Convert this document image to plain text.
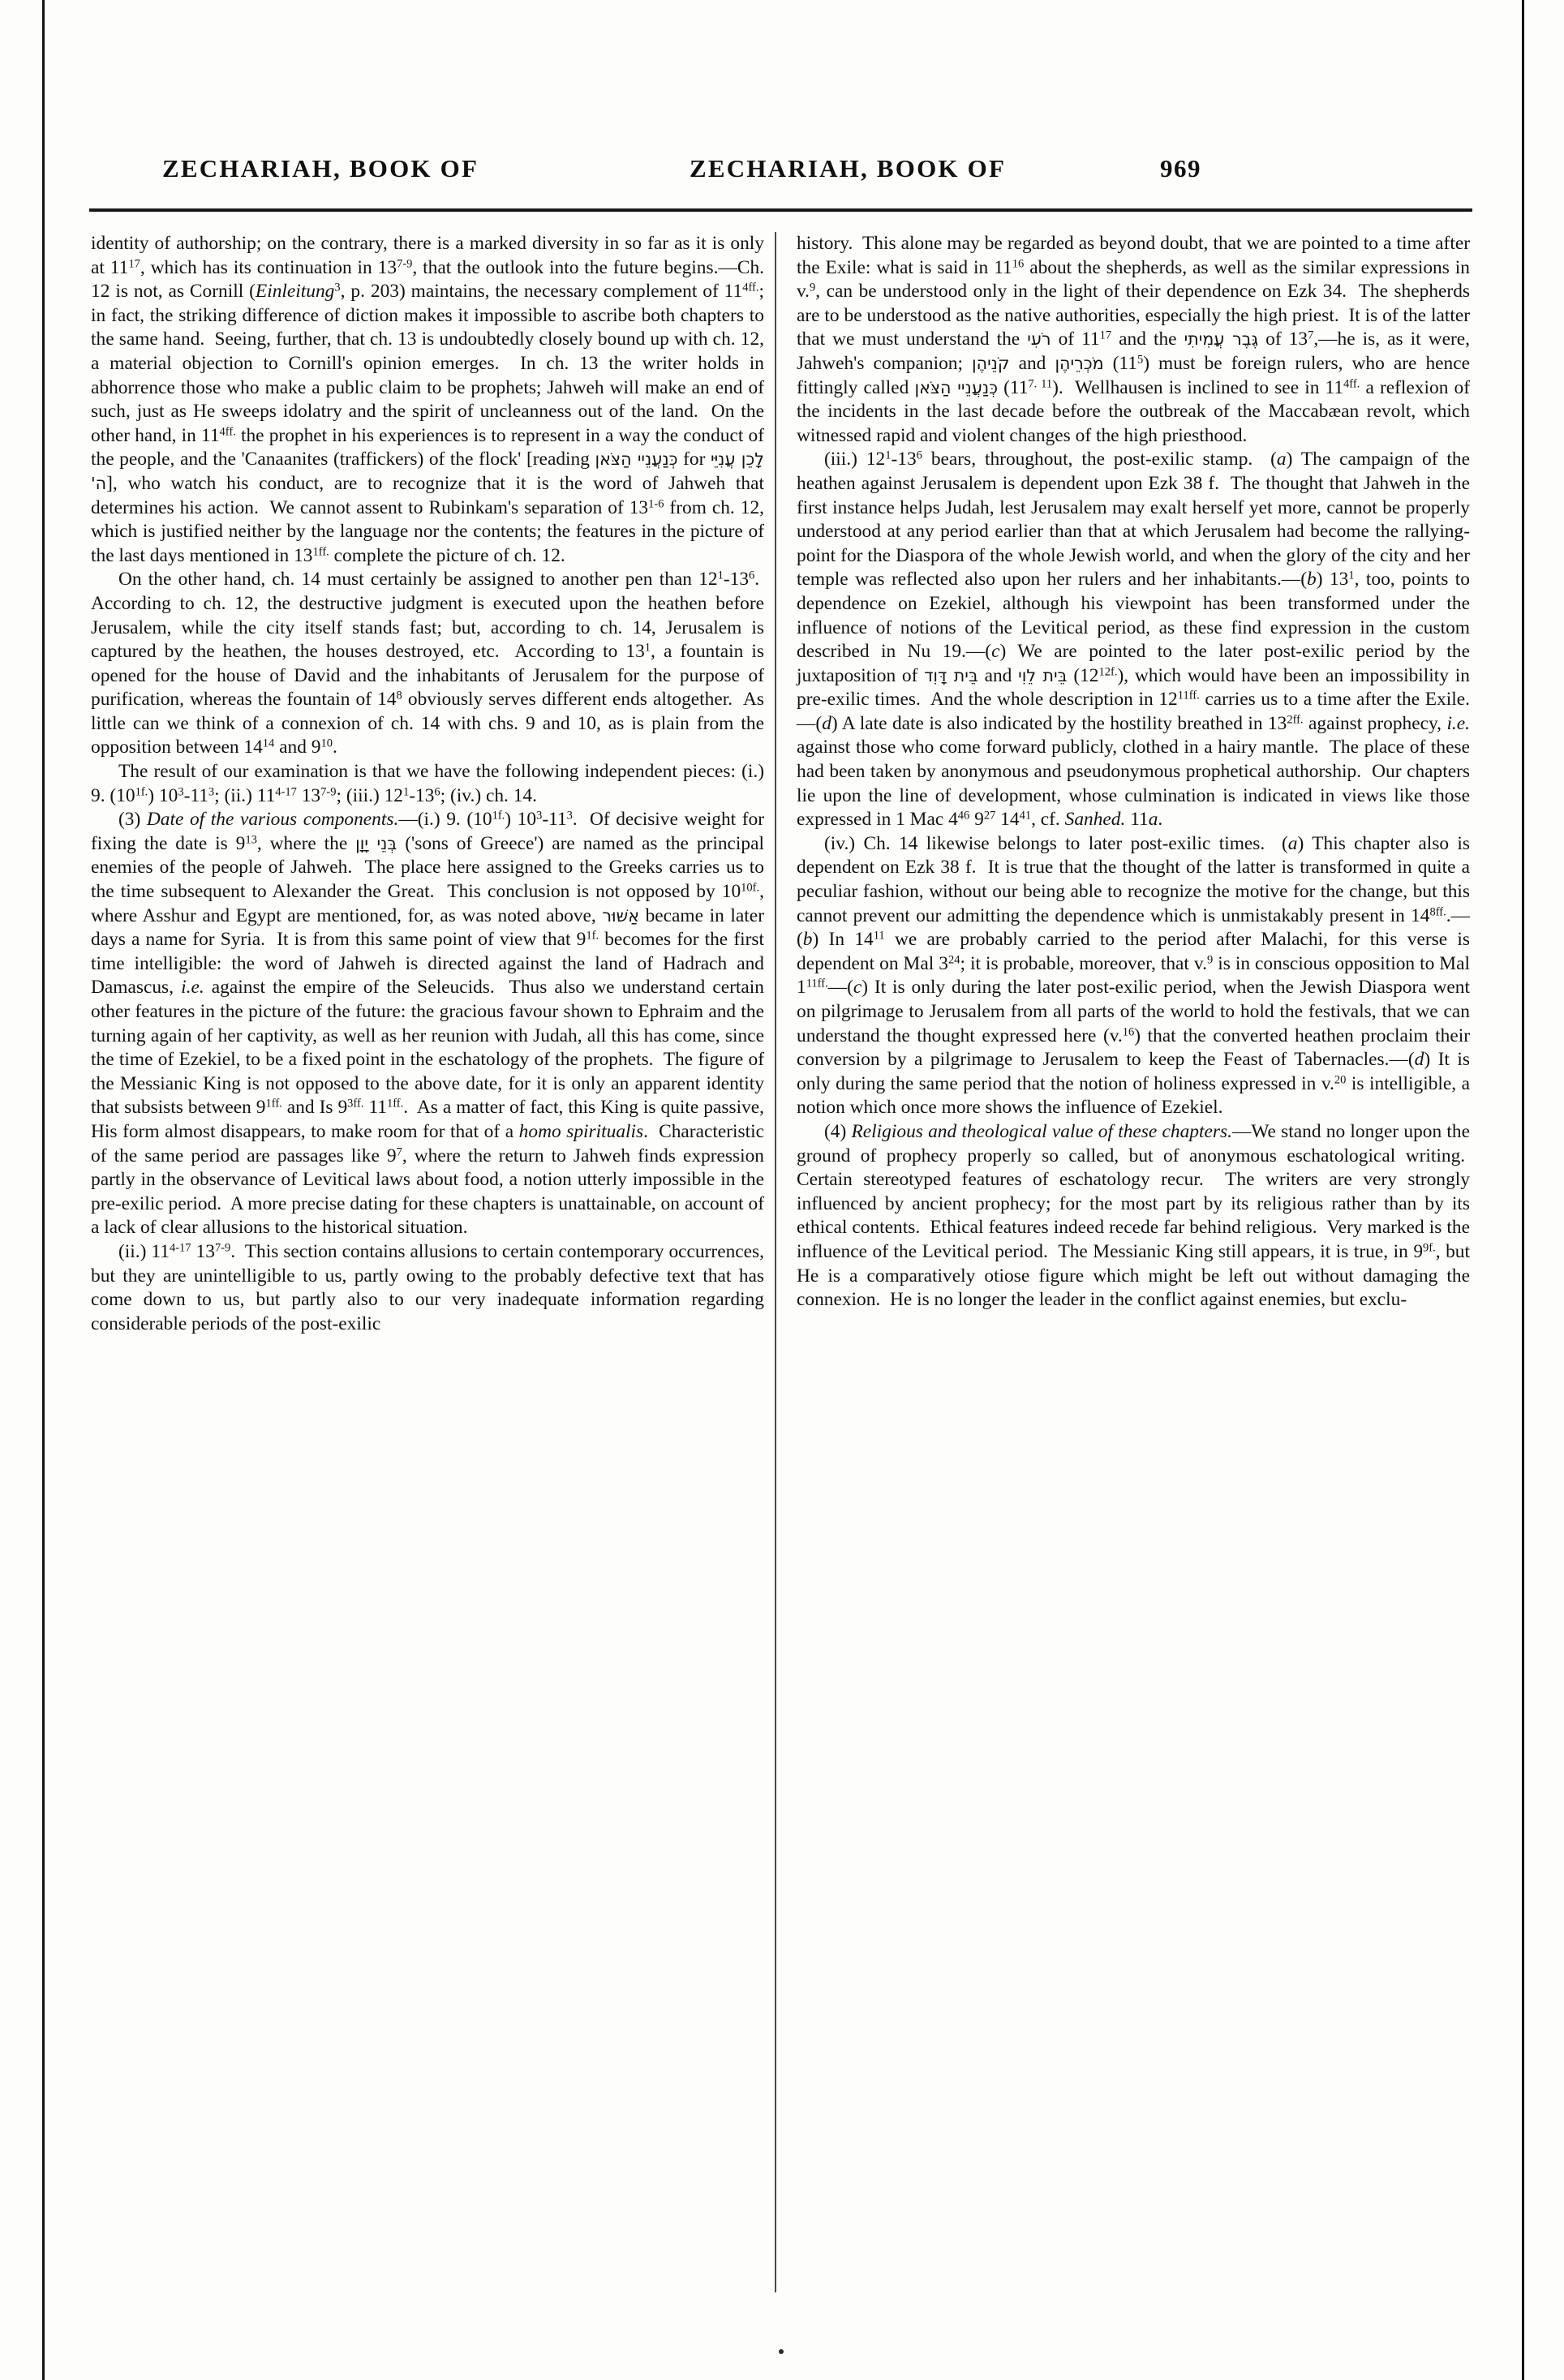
ZECHARIAH, BOOK OF	ZECHARIAH, BOOK OF	969

identity of authorship; on the contrary, there is a marked diversity in so far as it is only at $11^{17}$, which has its continuation in 13$^{7-9}$, that the outlook into the future begins.—Ch. 12 is not, as Cornill (Einleitung$^3$, p. 203) maintains, the necessary complement of $11^{4ff.}$; in fact, the striking difference of diction makes it impossible to ascribe both chapters to the same hand.  Seeing, further, that ch. 13 is undoubtedly closely bound up with ch. 12, a material objection to Cornill's opinion emerges.  In ch. 13 the writer holds in abhorrence those who make a public claim to be prophets; Jahweh will make an end of such, just as He sweeps idolatry and the spirit of uncleanness out of the land.  On the other hand, in $11^{4ff.}$ the prophet in his experiences is to represent in a way the conduct of the people, and the 'Canaanites (traffickers) of the flock' [reading כְּנַעֲנֵיי הַצֹּאן for לָכֵן עֲנִיֵּי ה'], who watch his conduct, are to recognize that it is the word of Jahweh that determines his action.  We cannot assent to Rubinkam's separation of 13$^{1-6}$ from ch. 12, which is justified neither by the language nor the contents; the features in the picture of the last days mentioned in $13^{1ff.}$ complete the picture of ch. 12.

On the other hand, ch. 14 must certainly be assigned to another pen than $12^1-13^6$.  According to ch. 12, the destructive judgment is executed upon the heathen before Jerusalem, while the city itself stands fast; but, according to ch. 14, Jerusalem is captured by the heathen, the houses destroyed, etc.  According to $13^1$, a fountain is opened for the house of David and the inhabitants of Jerusalem for the purpose of purification, whereas the fountain of $14^8$ obviously serves different ends altogether.  As little can we think of a connexion of ch. 14 with chs. 9 and 10, as is plain from the opposition between $14^{14}$ and $9^{10}$.

The result of our examination is that we have the following independent pieces: (i.) 9. $(10^{1f.})$ $10^3-11^3$; (ii.) 11$^{4-17}$ 13$^{7-9}$; (iii.) $12^1-13^6$; (iv.) ch. 14.

(3) Date of the various components.—(i.) 9. $(10^{1f.})$ $10^3-11^3$.  Of decisive weight for fixing the date is $9^{13}$, where the בְּנֵי יָוָן ('sons of Greece') are named as the principal enemies of the people of Jahweh.  The place here assigned to the Greeks carries us to the time subsequent to Alexander the Great.  This conclusion is not opposed by $10^{10f.}$, where Asshur and Egypt are mentioned, for, as was noted above, אַשּׁוּר became in later days a name for Syria.  It is from this same point of view that $9^{1f.}$ becomes for the first time intelligible: the word of Jahweh is directed against the land of Hadrach and Damascus, i.e. against the empire of the Seleucids.  Thus also we understand certain other features in the picture of the future: the gracious favour shown to Ephraim and the turning again of her captivity, as well as her reunion with Judah, all this has come, since the time of Ezekiel, to be a fixed point in the eschatology of the prophets.  The figure of the Messianic King is not opposed to the above date, for it is only an apparent identity that subsists between $9^{1ff.}$ and Is $9^{3ff.}$ $11^{1ff.}$.  As a matter of fact, this King is quite passive, His form almost disappears, to make room for that of a homo spiritualis.  Characteristic of the same period are passages like $9^7$, where the return to Jahweh finds expression partly in the observance of Levitical laws about food, a notion utterly impossible in the pre-exilic period.  A more precise dating for these chapters is unattainable, on account of a lack of clear allusions to the historical situation.

(ii.) 11$^{4-17}$ 13$^{7-9}$.  This section contains allusions to certain contemporary occurrences, but they are unintelligible to us, partly owing to the probably defective text that has come down to us, but partly also to our very inadequate information regarding considerable periods of the post-exilic

history.  This alone may be regarded as beyond doubt, that we are pointed to a time after the Exile: what is said in $11^{16}$ about the shepherds, as well as the similar expressions in v.$^9$, can be understood only in the light of their dependence on Ezk 34.  The shepherds are to be understood as the native authorities, especially the high priest.  It is of the latter that we must understand the רֹעִי of $11^{17}$ and the גֶּבֶר עֲמִיתִי of $13^7,—he$ is, as it were, Jahweh's companion; קֹנֵיהֶן and מֹכְרֵיהֶן $(11^5)$ must be foreign rulers, who are hence fittingly called כְּנַעֲנֵיי הַצֹּאן $(11^{7. 11})$.  Wellhausen is inclined to see in $11^{4ff.}$ a reflexion of the incidents in the last decade before the outbreak of the Maccabæan revolt, which witnessed rapid and violent changes of the high priesthood.

(iii.) $12^1-13^6$ bears, throughout, the post-exilic stamp.  (a) The campaign of the heathen against Jerusalem is dependent upon Ezk 38 f.  The thought that Jahweh in the first instance helps Judah, lest Jerusalem may exalt herself yet more, cannot be properly understood at any period earlier than that at which Jerusalem had become the rallying-point for the Diaspora of the whole Jewish world, and when the glory of the city and her temple was reflected also upon her rulers and her inhabitants.—(b) $13^1$, too, points to dependence on Ezekiel, although his viewpoint has been transformed under the influence of notions of the Levitical period, as these find expression in the custom described in Nu 19.—(c) We are pointed to the later post-exilic period by the juxtaposition of בֵּית דָּוִד and בֵּית לֵוִי $(12^{12f.})$, which would have been an impossibility in pre-exilic times.  And the whole description in $12^{11ff.}$ carries us to a time after the Exile.—(d) A late date is also indicated by the hostility breathed in $13^{2ff.}$ against prophecy, i.e. against those who come forward publicly, clothed in a hairy mantle.  The place of these had been taken by anonymous and pseudonymous prophetical authorship.  Our chapters lie upon the line of development, whose culmination is indicated in views like those expressed in 1 Mac $4^{46}$ $9^{27}$ $14^{41}$, cf. Sanhed. 11a.

(iv.) Ch. 14 likewise belongs to later post-exilic times.  (a) This chapter also is dependent on Ezk 38 f.  It is true that the thought of the latter is transformed in quite a peculiar fashion, without our being able to recognize the motive for the change, but this cannot prevent our admitting the dependence which is unmistakably present in $14^{8ff.}.—(b)$ In $14^{11}$ we are probably carried to the period after Malachi, for this verse is dependent on Mal $3^{24}$; it is probable, moreover, that v.$^9$ is in conscious opposition to Mal $1^{11ff.}—(c)$ It is only during the later post-exilic period, when the Jewish Diaspora went on pilgrimage to Jerusalem from all parts of the world to hold the festivals, that we can understand the thought expressed here (v.$^{16}$) that the converted heathen proclaim their conversion by a pilgrimage to Jerusalem to keep the Feast of Tabernacles.—(d) It is only during the same period that the notion of holiness expressed in v.$^{20}$ is intelligible, a notion which once more shows the influence of Ezekiel.

(4) Religious and theological value of these chapters.—We stand no longer upon the ground of prophecy properly so called, but of anonymous eschatological writing.  Certain stereotyped features of eschatology recur.  The writers are very strongly influenced by ancient prophecy; for the most part by its religious rather than by its ethical contents.  Ethical features indeed recede far behind religious.  Very marked is the influence of the Levitical period.  The Messianic King still appears, it is true, in $9^{9f.}$, but He is a comparatively otiose figure which might be left out without damaging the connexion.  He is no longer the leader in the conflict against enemies, but exclu-
